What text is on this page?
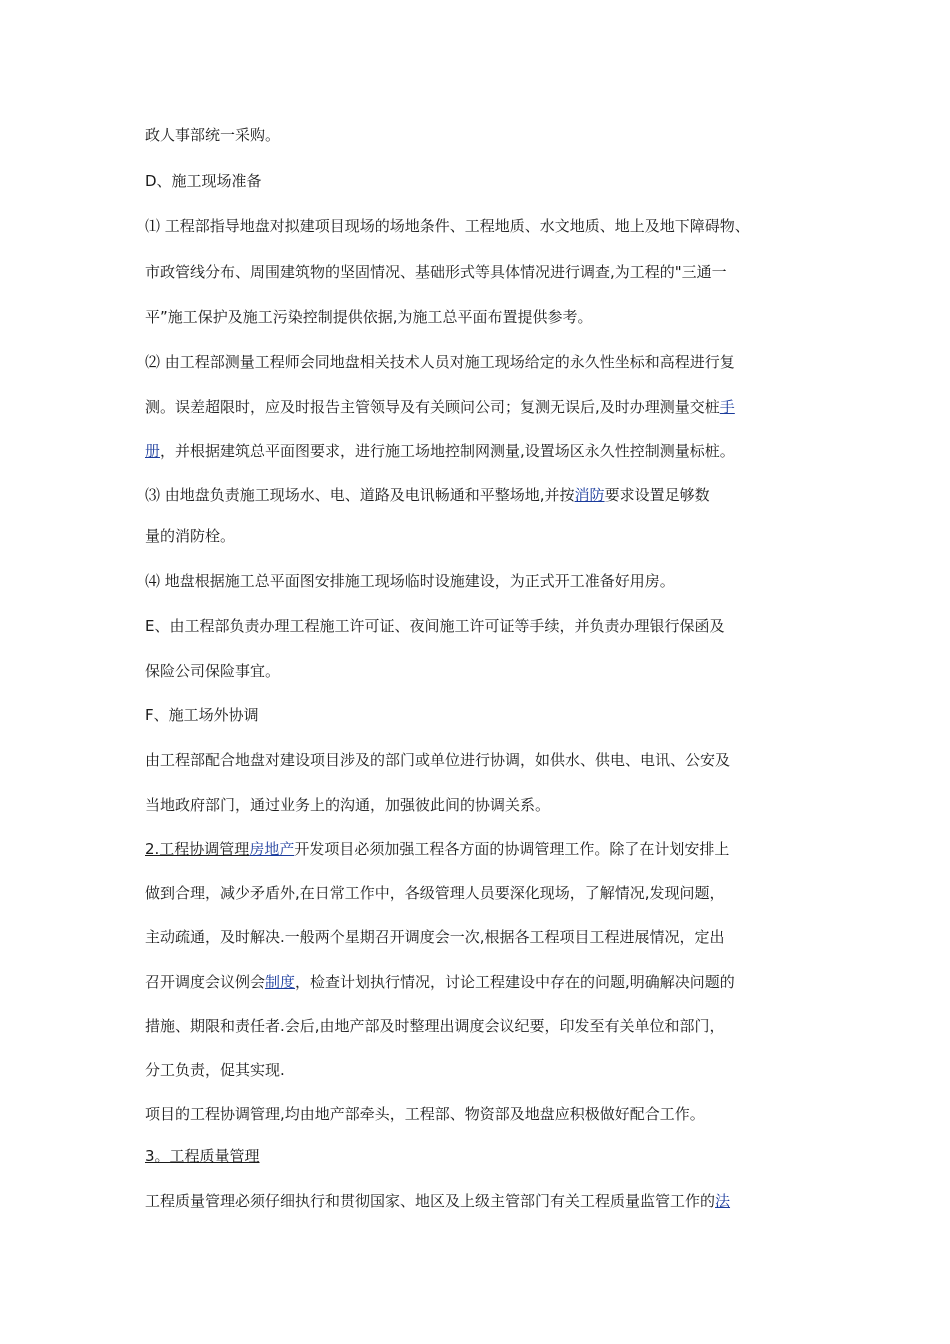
政人事部统一采购。
D、施工现场准备
⑴ 工程部指导地盘对拟建项目现场的场地条件、工程地质、水文地质、地上及地下障碍物、
市政管线分布、周围建筑物的坚固情况、基础形式等具体情况进行调查,为工程的"三通一
平”施工保护及施工污染控制提供依据,为施工总平面布置提供参考。
⑵ 由工程部测量工程师会同地盘相关技术人员对施工现场给定的永久性坐标和高程进行复
测。误差超限时，应及时报告主管领导及有关顾问公司；复测无误后,及时办理测量交桩手
册，并根据建筑总平面图要求，进行施工场地控制网测量,设置场区永久性控制测量标桩。
⑶ 由地盘负责施工现场水、电、道路及电讯畅通和平整场地,并按消防要求设置足够数
量的消防栓。
⑷ 地盘根据施工总平面图安排施工现场临时设施建设，为正式开工准备好用房。
E、由工程部负责办理工程施工许可证、夜间施工许可证等手续，并负责办理银行保函及
保险公司保险事宜。
F、施工场外协调
由工程部配合地盘对建设项目涉及的部门或单位进行协调，如供水、供电、电讯、公安及
当地政府部门，通过业务上的沟通，加强彼此间的协调关系。
2.工程协调管理房地产开发项目必须加强工程各方面的协调管理工作。除了在计划安排上
做到合理，减少矛盾外,在日常工作中，各级管理人员要深化现场，了解情况,发现问题，
主动疏通，及时解决.一般两个星期召开调度会一次,根据各工程项目工程进展情况，定出
召开调度会议例会制度，检查计划执行情况，讨论工程建设中存在的问题,明确解决问题的
措施、期限和责任者.会后,由地产部及时整理出调度会议纪要，印发至有关单位和部门，
分工负责，促其实现.
项目的工程协调管理,均由地产部牵头，工程部、物资部及地盘应积极做好配合工作。
3。工程质量管理
工程质量管理必须仔细执行和贯彻国家、地区及上级主管部门有关工程质量监管工作的法
